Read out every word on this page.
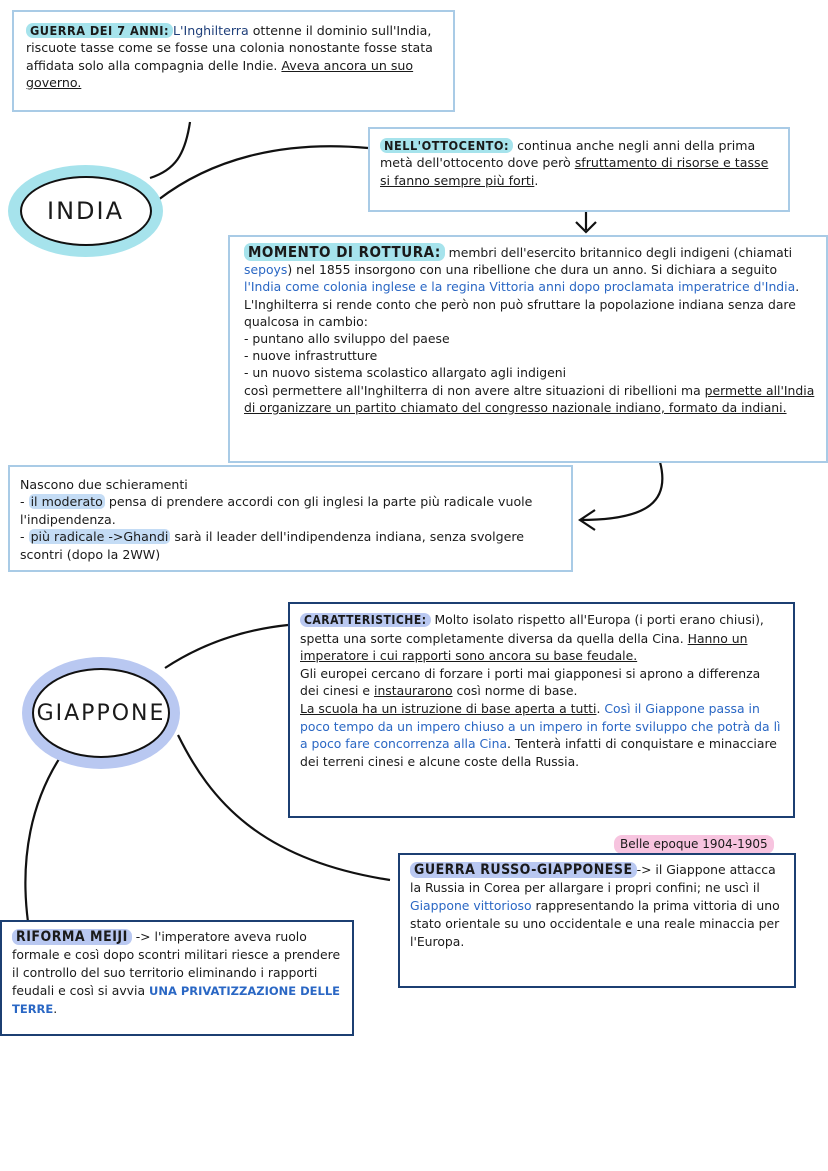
INDIA
GUERRA DEI 7 ANNI: L'Inghilterra ottenne il dominio sull'India, riscuote tasse come se fosse una colonia nonostante fosse stata affidata solo alla compagnia delle Indie. Aveva ancora un suo governo.
NELL'OTTOCENTO: continua anche negli anni della prima metà dell'ottocento dove però sfruttamento di risorse e tasse si fanno sempre più forti.
MOMENTO DI ROTTURA: membri dell'esercito britannico degli indigeni (chiamati sepoys) nel 1855 insorgono con una ribellione che dura un anno. Si dichiara a seguito l'India come colonia inglese e la regina Vittoria anni dopo proclamata imperatrice d'India. L'Inghilterra si rende conto che però non può sfruttare la popolazione indiana senza dare qualcosa in cambio:
- puntano allo sviluppo del paese
- nuove infrastrutture
- un nuovo sistema scolastico allargato agli indigeni
così permettere all'Inghilterra di non avere altre situazioni di ribellioni ma permette all'India di organizzare un partito chiamato del congresso nazionale indiano, formato da indiani.
Nascono due schieramenti
- il moderato pensa di prendere accordi con gli inglesi la parte più radicale vuole l'indipendenza.
- più radicale ->Ghandi sarà il leader dell'indipendenza indiana, senza svolgere scontri (dopo la 2WW)
GIAPPONE
CARATTERISTICHE: Molto isolato rispetto all'Europa (i porti erano chiusi), spetta una sorte completamente diversa da quella della Cina. Hanno un imperatore i cui rapporti sono ancora su base feudale.
Gli europei cercano di forzare i porti mai giapponesi si aprono a differenza dei cinesi e instaurarono così norme di base.
La scuola ha un istruzione di base aperta a tutti. Così il Giappone passa in poco tempo da un impero chiuso a un impero in forte sviluppo che potrà da lì a poco fare concorrenza alla Cina. Tenterà infatti di conquistare e minacciare dei terreni cinesi e alcune coste della Russia.
Belle epoque 1904-1905
GUERRA RUSSO-GIAPPONESE -> il Giappone attacca la Russia in Corea per allargare i propri confini; ne uscì il Giappone vittorioso rappresentando la prima vittoria di uno stato orientale su uno occidentale e una reale minaccia per l'Europa.
RIFORMA MEIJI -> l'imperatore aveva ruolo formale e così dopo scontri militari riesce a prendere il controllo del suo territorio eliminando i rapporti feudali e così si avvia UNA PRIVATIZZAZIONE DELLE TERRE.
